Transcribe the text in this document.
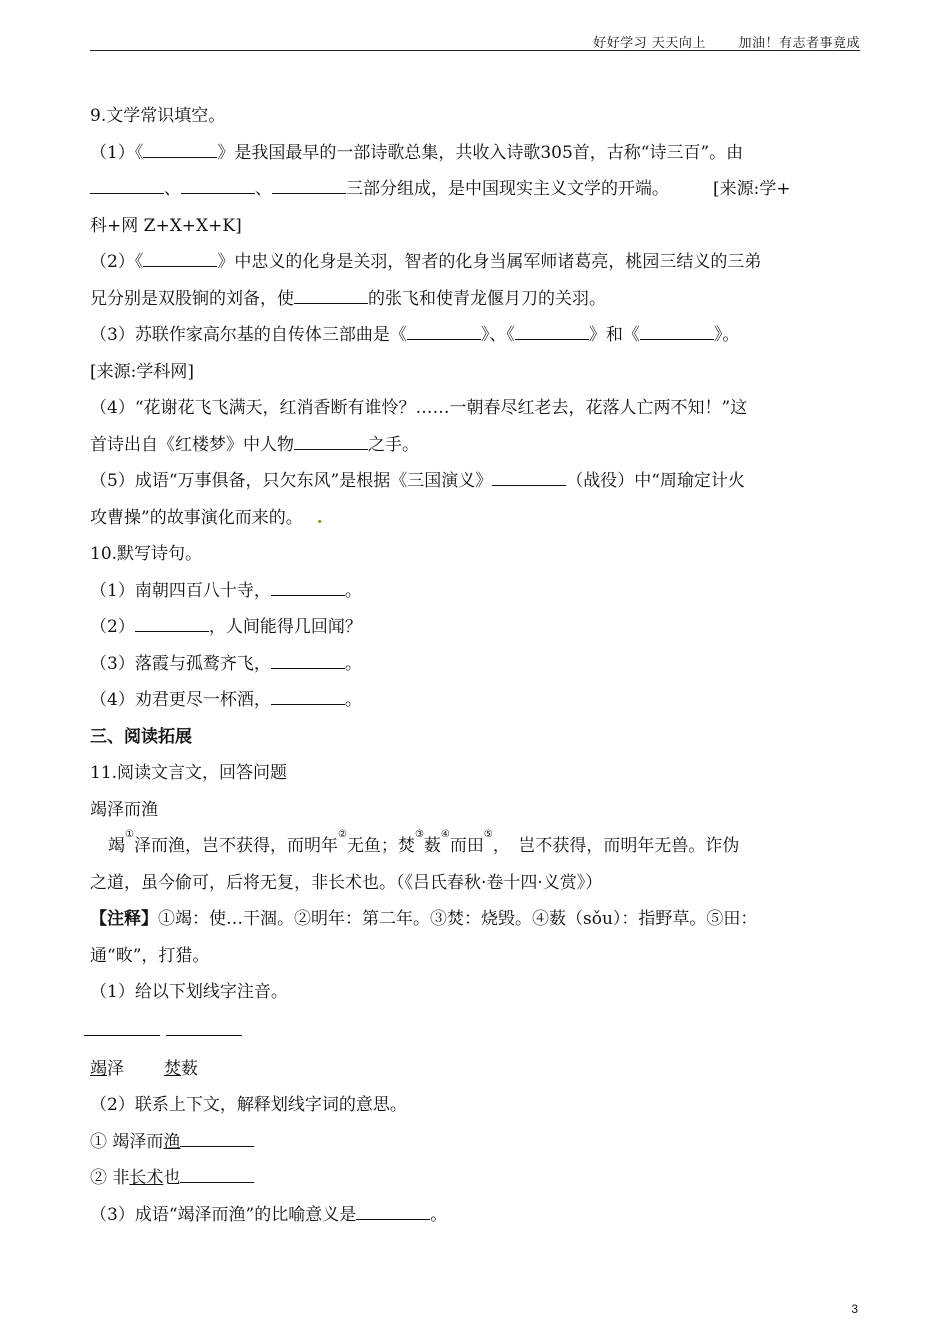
好好学习 天天向上	加油！有志者事竟成
9.文学常识填空。
（1）《	》是我国最早的一部诗歌总集，共收入诗歌305首，古称“诗三百”。由
、	、	三部分组成，是中国现实主义文学的开端。	[来源:学+
科+网 Z+X+X+K]
（2）《	》中忠义的化身是关羽，智者的化身当属军师诸葛亮，桃园三结义的三弟
兄分别是双股锏的刘备，使	的张飞和使青龙偃月刀的关羽。
（3）苏联作家高尔基的自传体三部曲是《	》、《	》和《	》。
[来源:学科网]
（4）“花谢花飞飞满天，红消香断有谁怜？……一朝春尽红老去，花落人亡两不知！”这
首诗出自《红楼梦》中人物	之手。
（5）成语“万事俱备，只欠东风”是根据《三国演义》	（战役）中“周瑜定计火
攻曹操”的故事演化而来的。 .
10.默写诗句。
（1）南朝四百八十寺，	。
（2）	，人间能得几回闻？
（3）落霞与孤鹜齐飞，	。
（4）劝君更尽一杯酒，	。
三、阅读拓展
11.阅读文言文，回答问题
竭泽而渔
竭①泽而渔，岂不获得，而明年②无鱼；焚③薮④而田⑤，　岂不获得，而明年无兽。诈伪
之道，虽今偷可，后将无复，非长术也。（《吕氏春秋·卷十四·义赏》）
【注释】①竭：使…干涸。②明年：第二年。③焚：烧毁。④薮（sǒu）：指野草。⑤田：
通“畋”，打猎。
（1）给以下划线字注音。
竭泽 焚薮
（2）联系上下文，解释划线字词的意思。
① 竭泽而渔
② 非长术也
（3）成语“竭泽而渔”的比喻意义是	。
3
